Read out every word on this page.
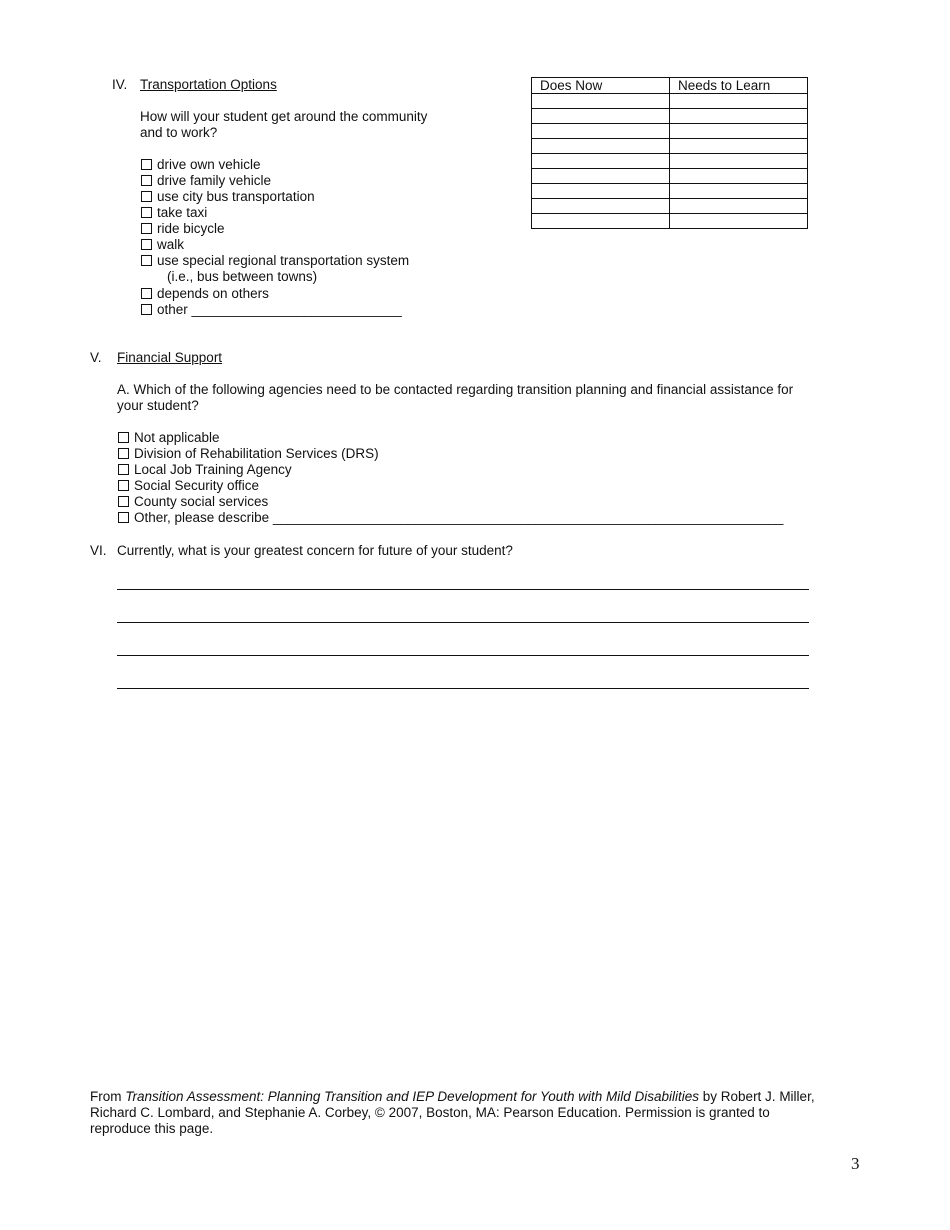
IV. Transportation Options
How will your student get around the community
and to work?
drive own vehicle
drive family vehicle
use city bus transportation
take taxi
ride bicycle
walk
use special regional transportation system
(i.e., bus between towns)
depends on others
other ____________________________
Does Now	Needs to Learn

V. Financial Support
A. Which of the following agencies need to be contacted regarding transition planning and financial assistance for
your student?
Not applicable
Division of Rehabilitation Services (DRS)
Local Job Training Agency
Social Security office
County social services
Other, please describe ____________________________________________________________________
VI. Currently, what is your greatest concern for future of your student?
From Transition Assessment: Planning Transition and IEP Development for Youth with Mild Disabilities by Robert J. Miller,
Richard C. Lombard, and Stephanie A. Corbey, © 2007, Boston, MA: Pearson Education. Permission is granted to
reproduce this page.
3
